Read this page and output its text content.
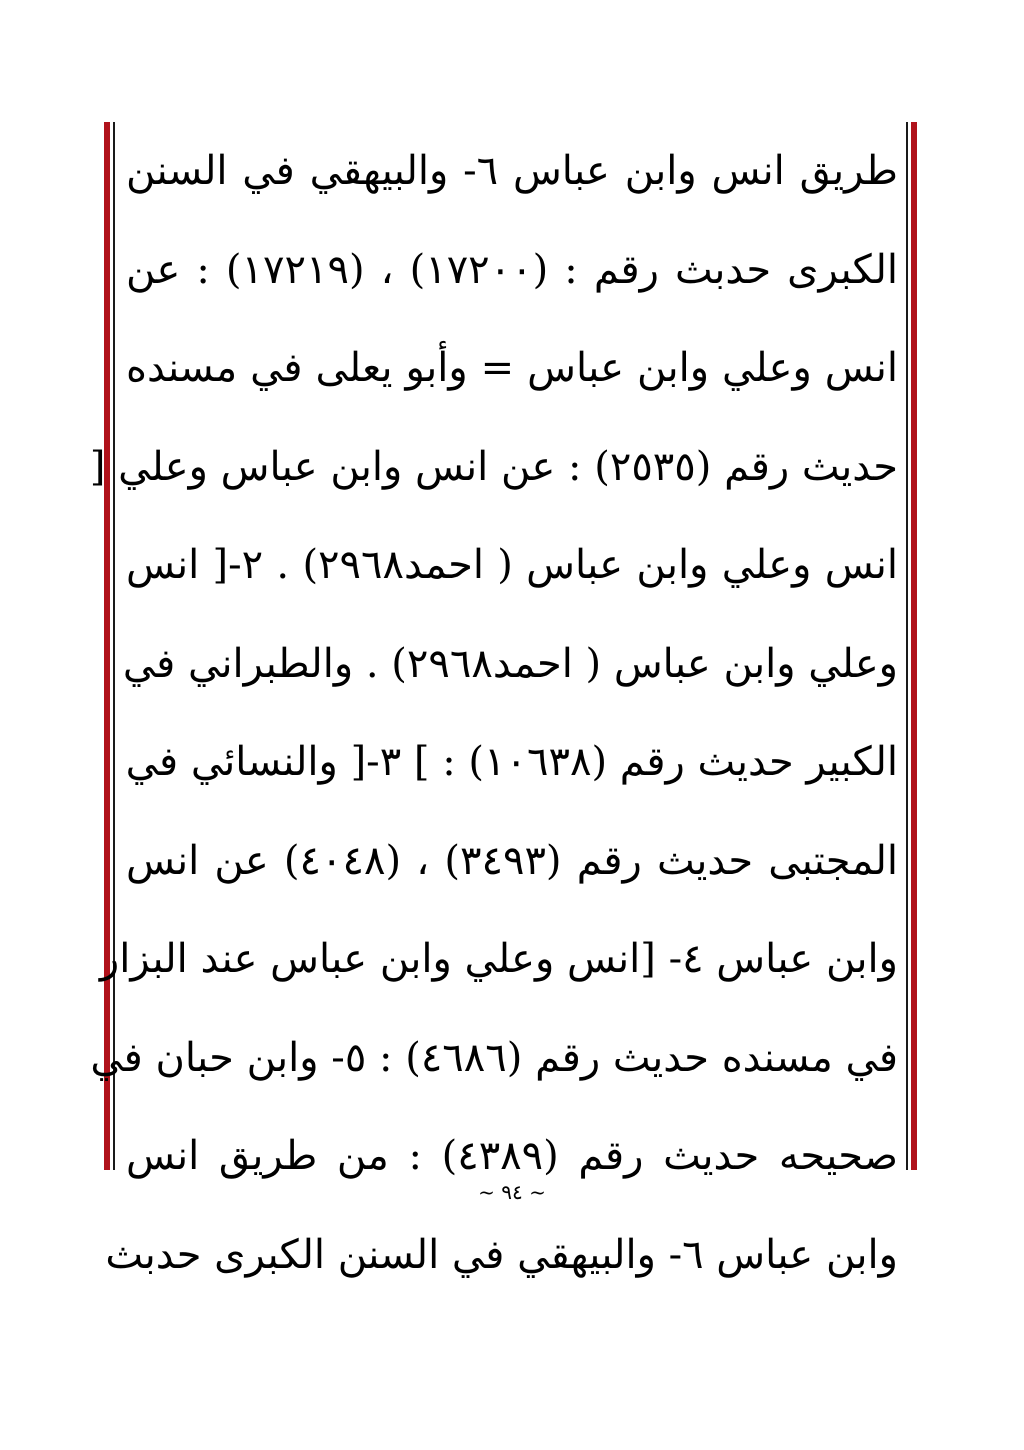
طريق انس وابن عباس ٦- والبيهقي في السنن
الكبرى حدبث رقم : (١٧٢٠٠) ، (١٧٢١٩) : عن
انس وعلي وابن عباس = وأبو يعلى في مسنده
حديث رقم (٢٥٣٥) : عن انس وابن عباس وعلي [
انس وعلي وابن عباس ( احمد٢٩٦٨) . ٢-[ انس
وعلي وابن عباس ( احمد٢٩٦٨) . والطبراني في
الكبير حديث رقم (١٠٦٣٨) : ] ٣-[ والنسائي في
المجتبى حديث رقم (٣٤٩٣) ، (٤٠٤٨) عن انس
وابن عباس ٤- [انس وعلي وابن عباس عند البزار
في مسنده حديث رقم (٤٦٨٦) : ٥- وابن حبان في
صحيحه حديث رقم (٤٣٨٩) : من طريق انس
وابن عباس ٦- والبيهقي في السنن الكبرى حدبث
~ ٩٤ ~
